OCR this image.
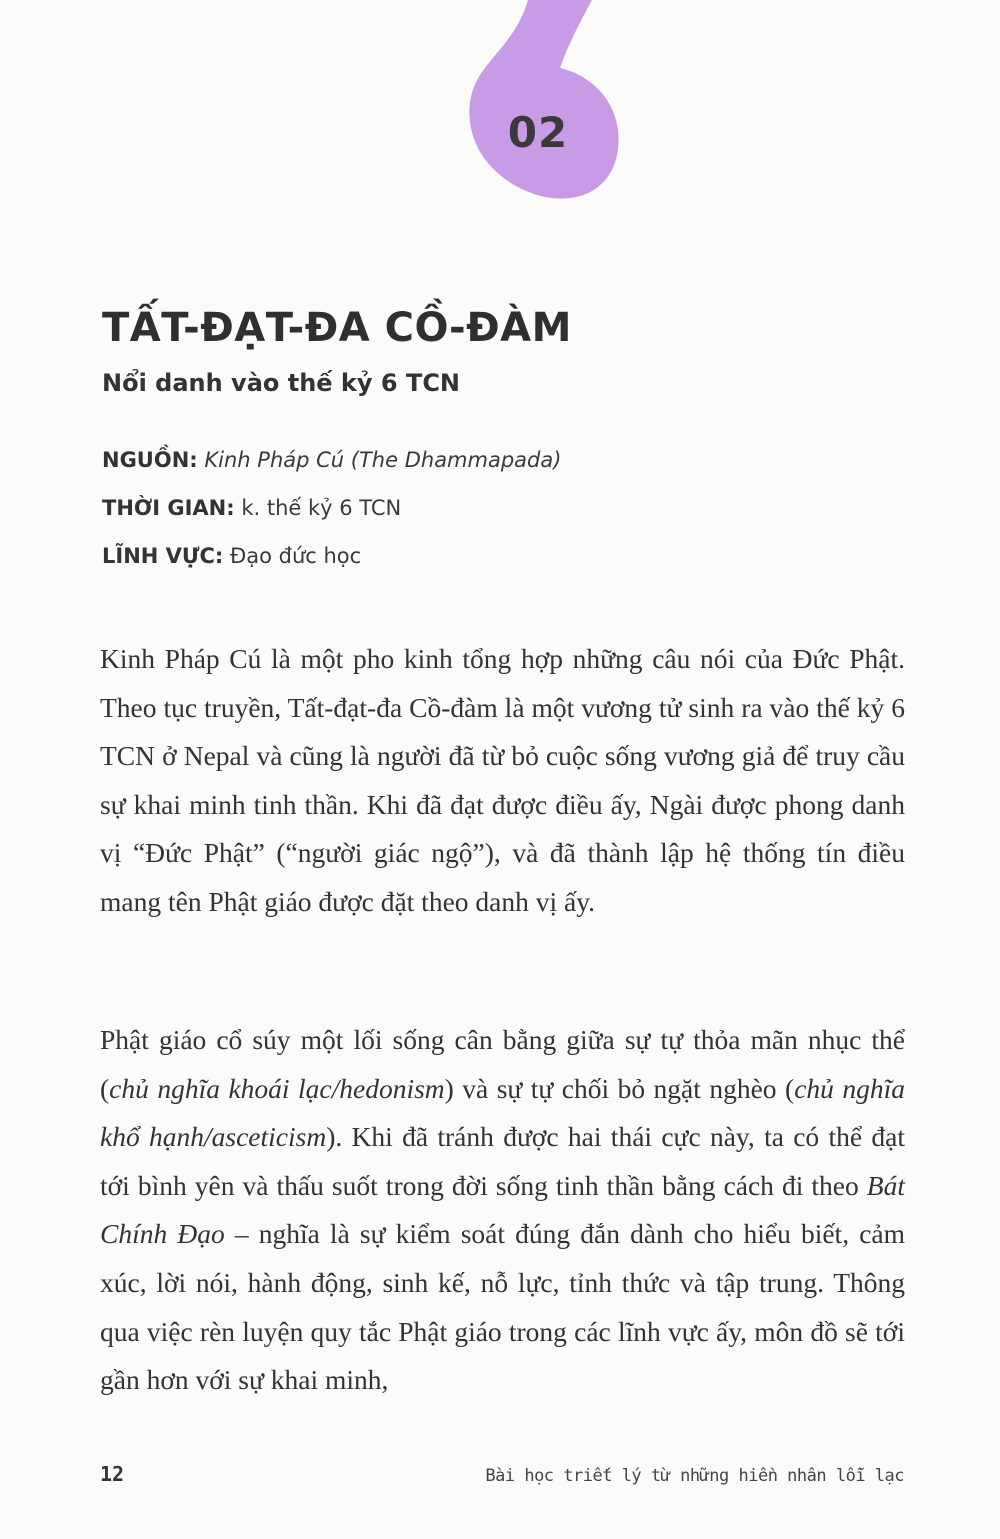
02
TẤT-ĐẠT-ĐA CỒ-ĐÀM
Nổi danh vào thế kỷ 6 TCN
NGUỒN: Kinh Pháp Cú (The Dhammapada)
THỜI GIAN: k. thế kỷ 6 TCN
LĨNH VỰC: Đạo đức học

Kinh Pháp Cú là một pho kinh tổng hợp những câu nói của Đức Phật. Theo tục truyền, Tất-đạt-đa Cồ-đàm là một vương tử sinh ra vào thế kỷ 6 TCN ở Nepal và cũng là người đã từ bỏ cuộc sống vương giả để truy cầu sự khai minh tinh thần. Khi đã đạt được điều ấy, Ngài được phong danh vị “Đức Phật” (“người giác ngộ”), và đã thành lập hệ thống tín điều mang tên Phật giáo được đặt theo danh vị ấy.

Phật giáo cổ súy một lối sống cân bằng giữa sự tự thỏa mãn nhục thể (chủ nghĩa khoái lạc/hedonism) và sự tự chối bỏ ngặt nghèo (chủ nghĩa khổ hạnh/asceticism). Khi đã tránh được hai thái cực này, ta có thể đạt tới bình yên và thấu suốt trong đời sống tinh thần bằng cách đi theo Bát Chính Đạo – nghĩa là sự kiểm soát đúng đắn dành cho hiểu biết, cảm xúc, lời nói, hành động, sinh kế, nỗ lực, tỉnh thức và tập trung. Thông qua việc rèn luyện quy tắc Phật giáo trong các lĩnh vực ấy, môn đồ sẽ tới gần hơn với sự khai minh,

12	Bài học triết lý từ những hiền nhân lỗi lạc
